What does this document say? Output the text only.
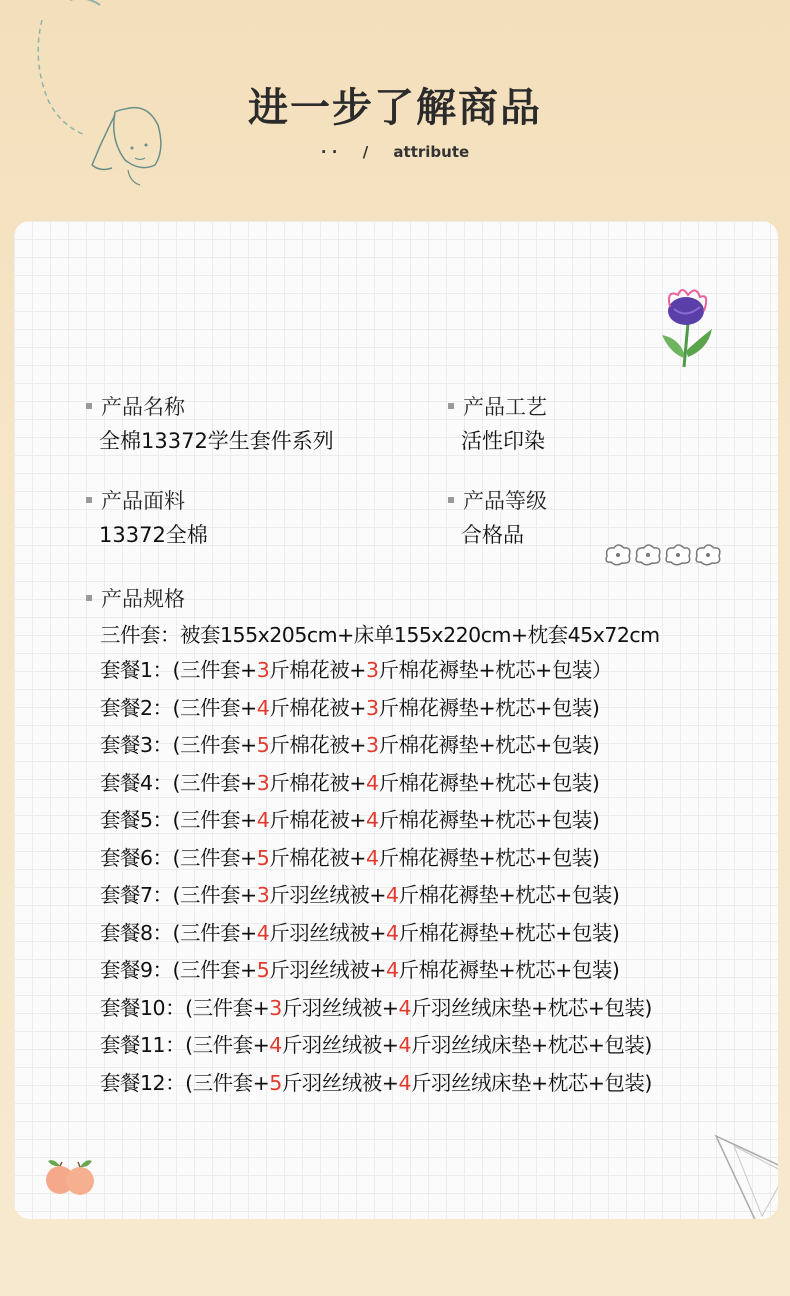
进一步了解商品
· · / attribute
产品名称
全棉13372学生套件系列
产品工艺
活性印染
产品面料
13372全棉
产品等级
合格品
产品规格
三件套：被套155x205cm+床单155x220cm+枕套45x72cm
套餐1：(三件套+3斤棉花被+3斤棉花褥垫+枕芯+包装）
套餐2：(三件套+4斤棉花被+3斤棉花褥垫+枕芯+包装)
套餐3：(三件套+5斤棉花被+3斤棉花褥垫+枕芯+包装)
套餐4：(三件套+3斤棉花被+4斤棉花褥垫+枕芯+包装)
套餐5：(三件套+4斤棉花被+4斤棉花褥垫+枕芯+包装)
套餐6：(三件套+5斤棉花被+4斤棉花褥垫+枕芯+包装)
套餐7：(三件套+3斤羽丝绒被+4斤棉花褥垫+枕芯+包装)
套餐8：(三件套+4斤羽丝绒被+4斤棉花褥垫+枕芯+包装)
套餐9：(三件套+5斤羽丝绒被+4斤棉花褥垫+枕芯+包装)
套餐10：(三件套+3斤羽丝绒被+4斤羽丝绒床垫+枕芯+包装)
套餐11：(三件套+4斤羽丝绒被+4斤羽丝绒床垫+枕芯+包装)
套餐12：(三件套+5斤羽丝绒被+4斤羽丝绒床垫+枕芯+包装)
